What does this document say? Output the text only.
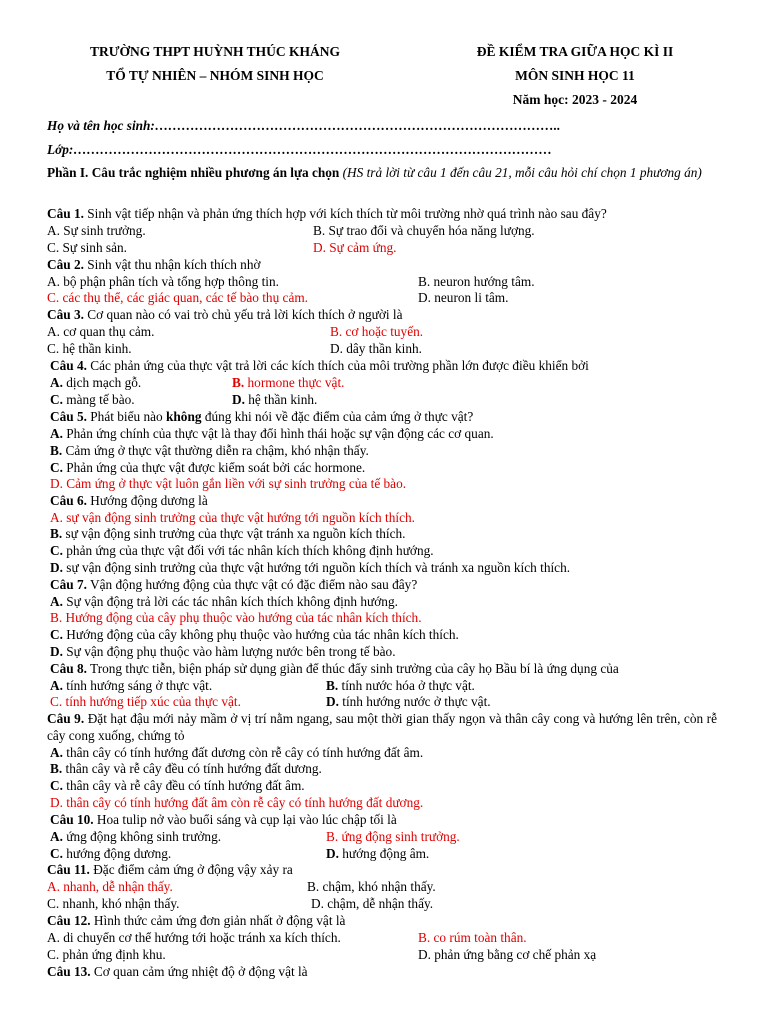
TRƯỜNG THPT HUỲNH THÚC KHÁNG
TỔ TỰ NHIÊN – NHÓM SINH HỌC
ĐỀ KIỂM TRA GIỮA HỌC KÌ II
MÔN SINH HỌC 11
Năm học: 2023 - 2024
Họ và tên học sinh:………………………………………………………………………………..
Lớp:………………………………………………………………………………………………
Phần I. Câu trắc nghiệm nhiều phương án lựa chọn (HS trả lời từ câu 1 đến câu 21, mỗi câu hỏi chí chọn 1 phương án)
Câu 1. Sinh vật tiếp nhận và phản ứng thích hợp với kích thích từ môi trường nhờ quá trình nào sau đây?
A. Sự sinh trưởng.	B. Sự trao đổi và chuyển hóa năng lượng.
C. Sự sinh sản.	D. Sự cảm ứng.
Câu 2. Sinh vật thu nhận kích thích nhờ
A. bộ phận phân tích và tổng hợp thông tin.	B. neuron hướng tâm.
C. các thụ thể, các giác quan, các tế bào thụ cảm.	D. neuron li tâm.
Câu 3. Cơ quan nào có vai trò chủ yếu trả lời kích thích ở người là
A. cơ quan thụ cảm.	B. cơ hoặc tuyến.
C. hệ thần kinh.	D. dây thần kinh.
Câu 4. Các phản ứng của thực vật trả lời các kích thích của môi trường phần lớn được điều khiển bởi
A. dịch mạch gỗ.	B. hormone thực vật.
C. màng tế bào.	D. hệ thần kinh.
Câu 5. Phát biểu nào không đúng khi nói về đặc điểm của cảm ứng ở thực vật?
A. Phản ứng chính của thực vật là thay đổi hình thái hoặc sự vận động các cơ quan.
B. Cảm ứng ở thực vật thường diễn ra chậm, khó nhận thấy.
C. Phản ứng của thực vật được kiểm soát bởi các hormone.
D. Cảm ứng ở thực vật luôn gắn liền với sự sinh trưởng của tế bào.
Câu 6. Hướng động dương là
A. sự vận động sinh trưởng của thực vật hướng tới nguồn kích thích.
B. sự vận động sinh trưởng của thực vật tránh xa nguồn kích thích.
C. phản ứng của thực vật đối với tác nhân kích thích không định hướng.
D. sự vận động sinh trưởng của thực vật hướng tới nguồn kích thích và tránh xa nguồn kích thích.
Câu 7. Vận động hướng động của thực vật có đặc điểm nào sau đây?
A. Sự vận động trả lời các tác nhân kích thích không định hướng.
B. Hướng động của cây phụ thuộc vào hướng của tác nhân kích thích.
C. Hướng động của cây không phụ thuộc vào hướng của tác nhân kích thích.
D. Sự vận động phụ thuộc vào hàm lượng nước bên trong tế bào.
Câu 8. Trong thực tiễn, biện pháp sử dụng giàn để thúc đẩy sinh trưởng của cây họ Bầu bí là ứng dụng của
A. tính hướng sáng ở thực vật.	B. tính nước hóa ở thực vật.
C. tính hướng tiếp xúc của thực vật.	D. tính hướng nước ở thực vật.
Câu 9. Đặt hạt đậu mới nảy mầm ở vị trí nằm ngang, sau một thời gian thấy ngọn và thân cây cong và hướng lên trên, còn rễ cây cong xuống, chứng tỏ
A. thân cây có tính hướng đất dương còn rễ cây có tính hướng đất âm.
B. thân cây và rễ cây đều có tính hướng đất dương.
C. thân cây và rễ cây đều có tính hướng đất âm.
D. thân cây có tính hướng đất âm còn rễ cây có tính hướng đất dương.
Câu 10. Hoa tulip nở vào buổi sáng và cụp lại vào lúc chập tối là
A. ứng động không sinh trưởng.	B. ứng động sinh trưởng.
C. hướng động dương.	D. hướng động âm.
Câu 11. Đặc điểm cảm ứng ở động vậy xảy ra
A. nhanh, dễ nhận thấy.	B. chậm, khó nhận thấy.
C. nhanh, khó nhận thấy.	D. chậm, dễ nhận thấy.
Câu 12. Hình thức cảm ứng đơn giản nhất ở động vật là
A. di chuyển cơ thể hướng tới hoặc tránh xa kích thích.	B. co rúm toàn thân.
C. phản ứng định khu.	D. phản ứng bằng cơ chế phản xạ
Câu 13. Cơ quan cảm ứng nhiệt độ ở động vật là
